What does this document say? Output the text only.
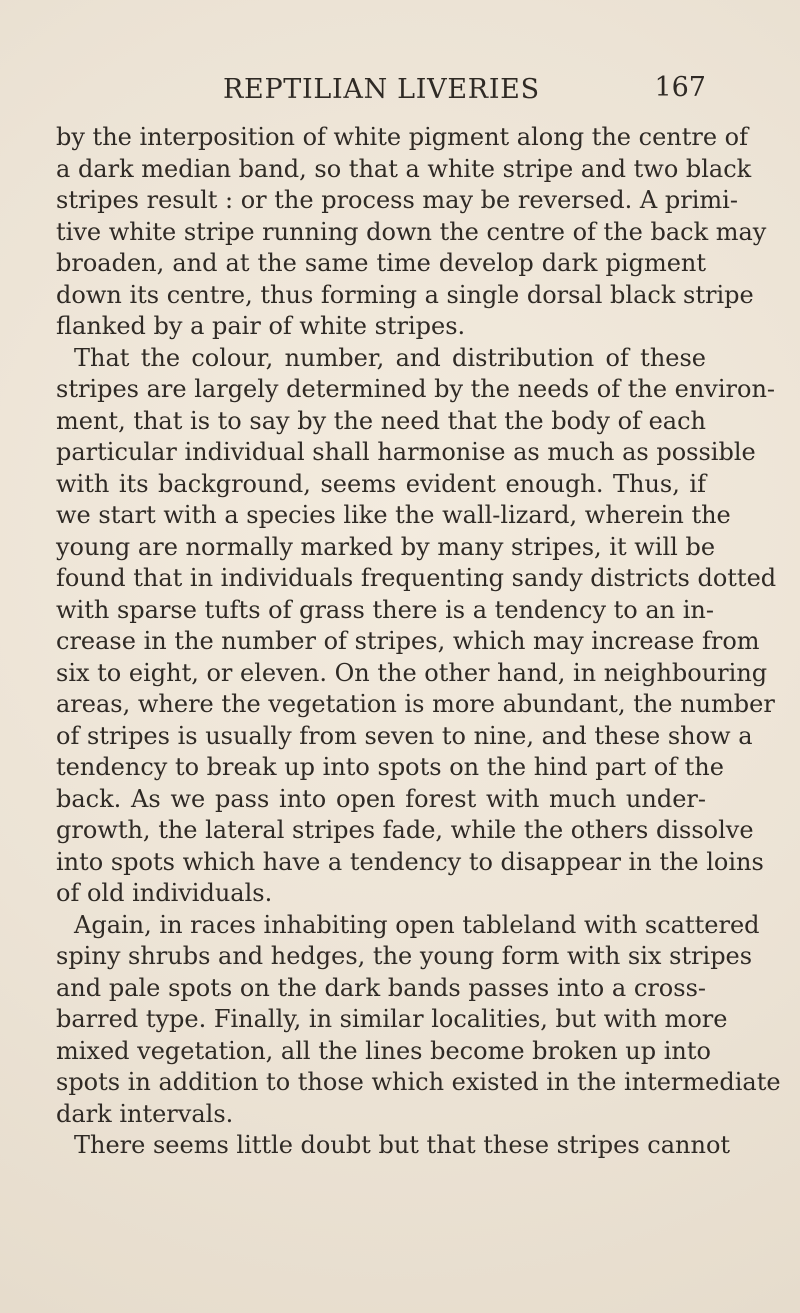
REPTILIAN LIVERIES	167
by the interposition of white pigment along the centre of
a dark median band, so that a white stripe and two black
stripes result : or the process may be reversed. A primi-
tive white stripe running down the centre of the back may
broaden, and at the same time develop dark pigment
down its centre, thus forming a single dorsal black stripe
flanked by a pair of white stripes.
That the colour, number, and distribution of these
stripes are largely determined by the needs of the environ-
ment, that is to say by the need that the body of each
particular individual shall harmonise as much as possible
with its background, seems evident enough. Thus, if
we start with a species like the wall-lizard, wherein the
young are normally marked by many stripes, it will be
found that in individuals frequenting sandy districts dotted
with sparse tufts of grass there is a tendency to an in-
crease in the number of stripes, which may increase from
six to eight, or eleven. On the other hand, in neighbouring
areas, where the vegetation is more abundant, the number
of stripes is usually from seven to nine, and these show a
tendency to break up into spots on the hind part of the
back. As we pass into open forest with much under-
growth, the lateral stripes fade, while the others dissolve
into spots which have a tendency to disappear in the loins
of old individuals.
Again, in races inhabiting open tableland with scattered
spiny shrubs and hedges, the young form with six stripes
and pale spots on the dark bands passes into a cross-
barred type. Finally, in similar localities, but with more
mixed vegetation, all the lines become broken up into
spots in addition to those which existed in the intermediate
dark intervals.
There seems little doubt but that these stripes cannot
